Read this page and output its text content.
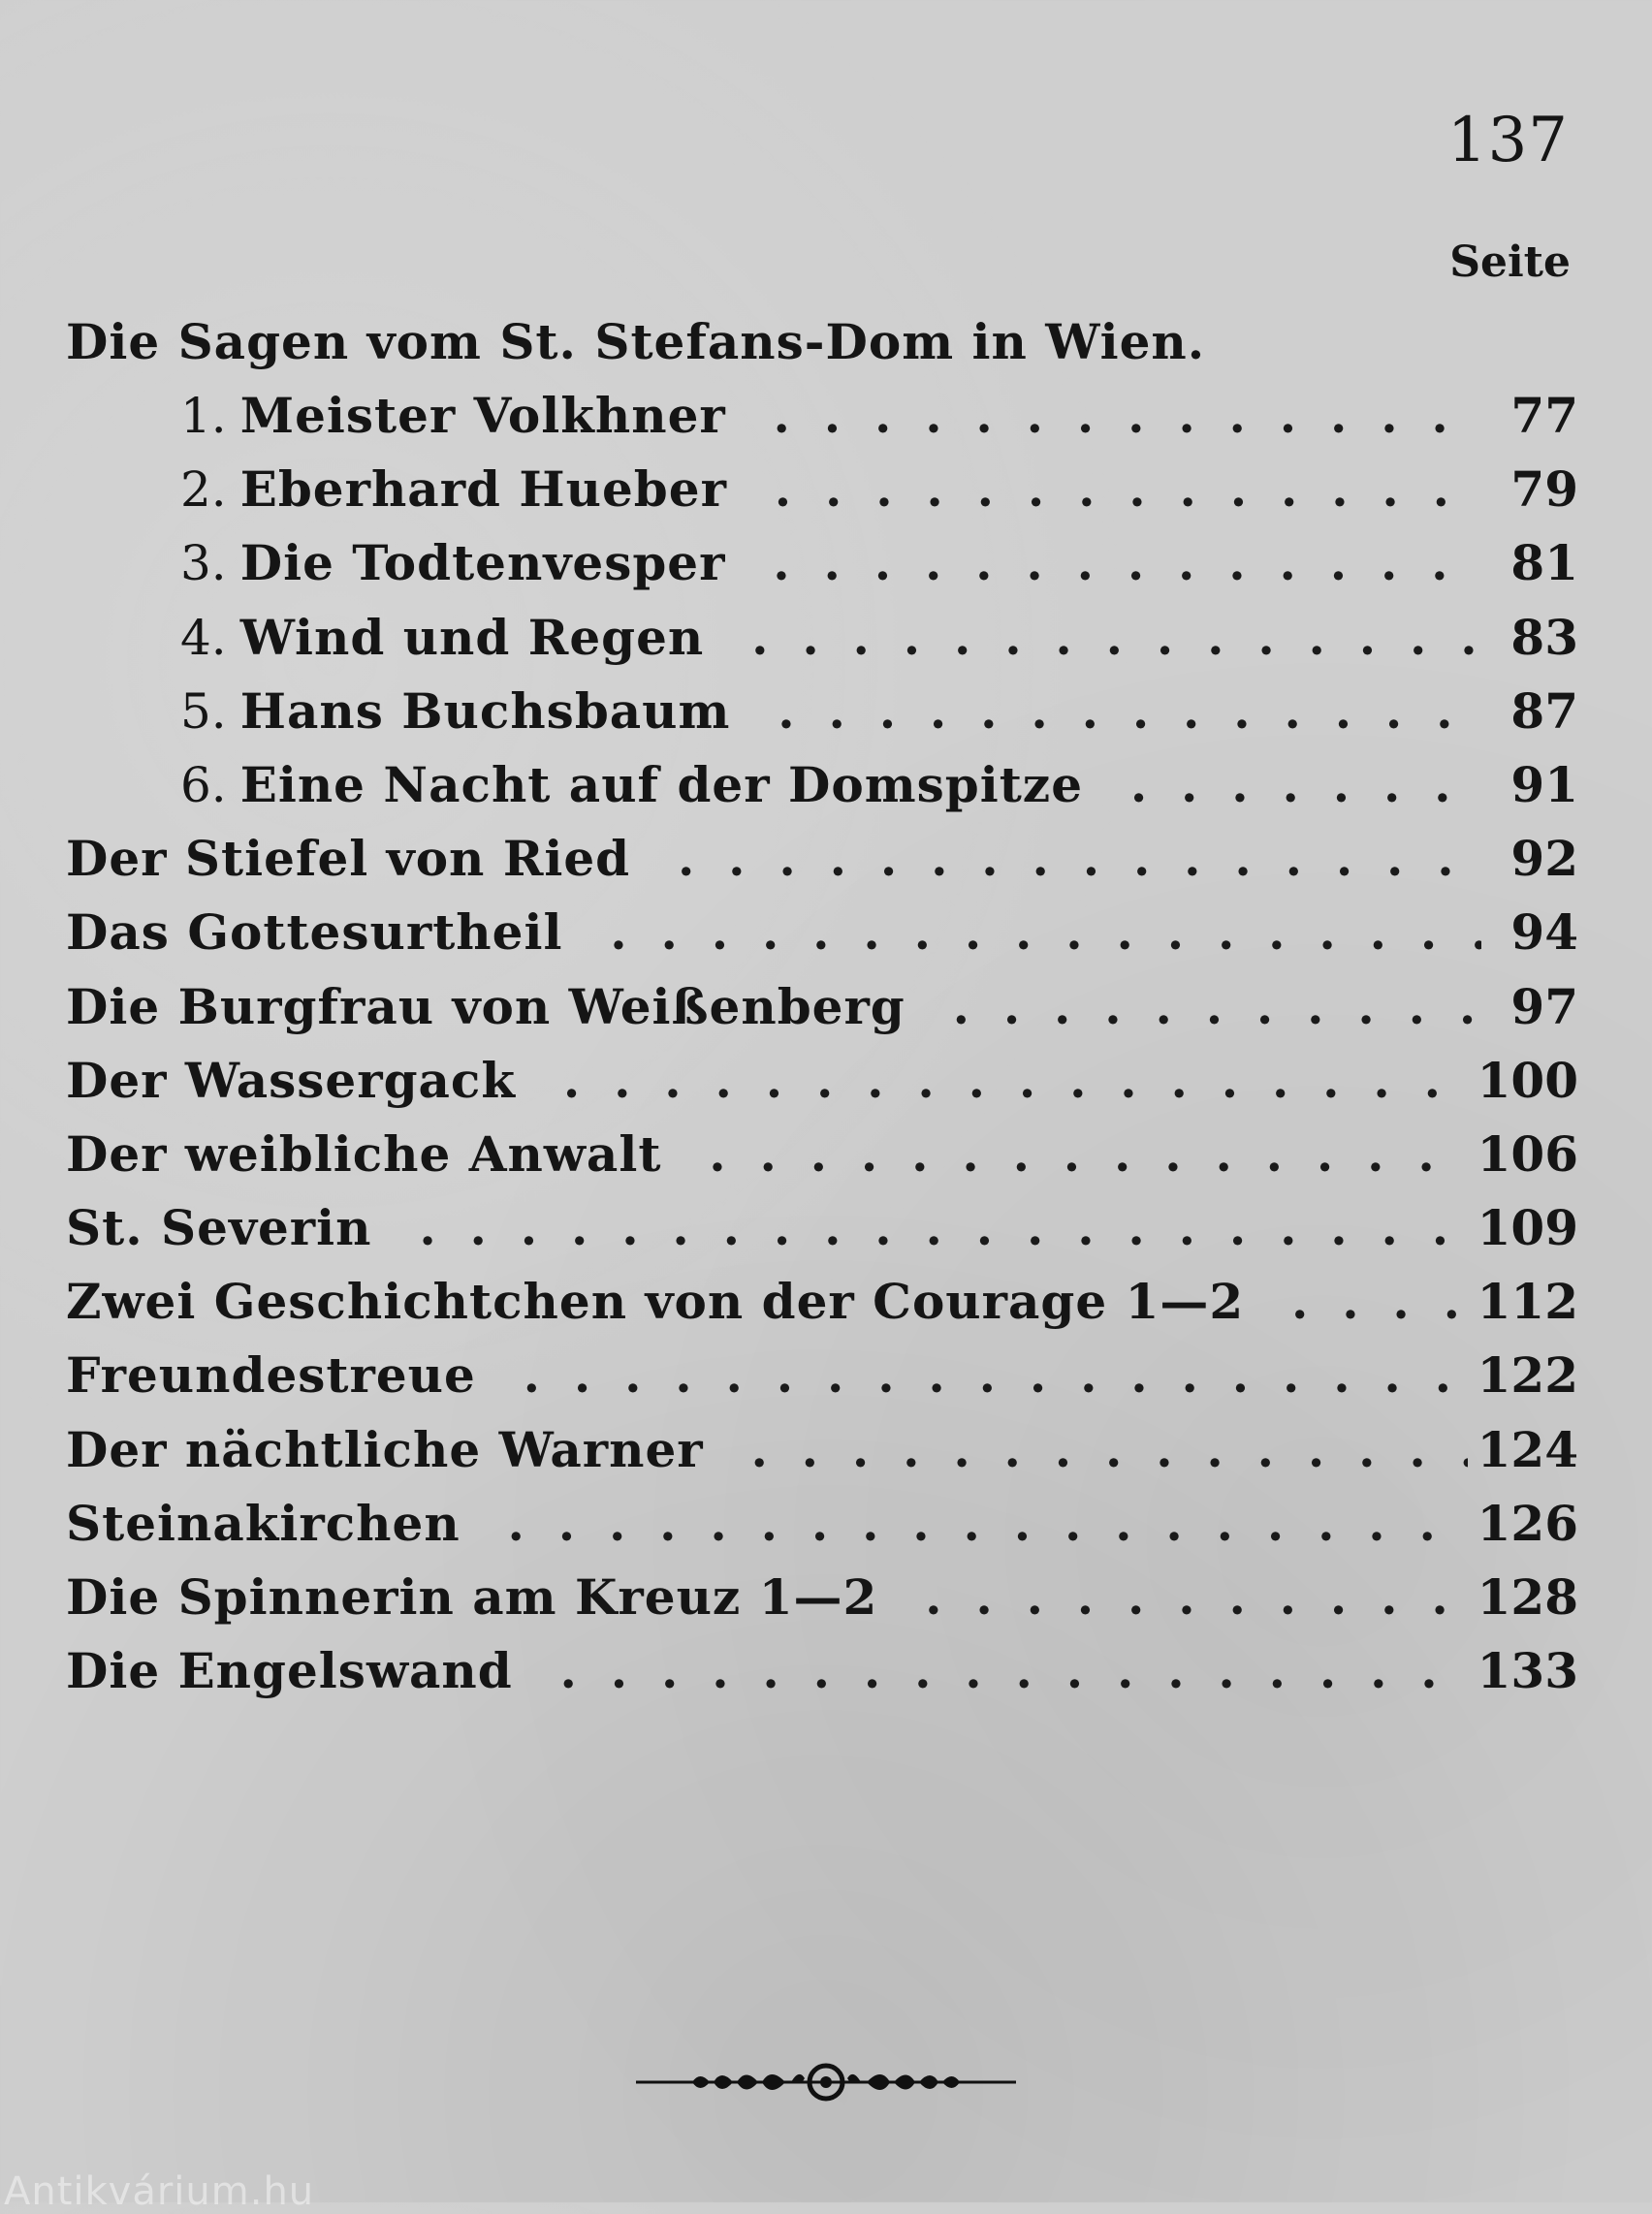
137
Seite
Die Sagen vom St. Stefans-Dom in Wien.
1. Meister Volkhner . .	77
2. Eberhard Hueber . .	79
3. Die Todtenvesper . .	81
4. Wind und Regen . .	83
5. Hans Buchsbaum . .	87
6. Eine Nacht auf der Domspitze . .	91
Der Stiefel von Ried . .	92
Das Gottesurtheil . .	94
Die Burgfrau von Weißenberg . .	97
Der Wassergack . .	100
Der weibliche Anwalt . .	106
St. Severin . .	109
Zwei Geschichtchen von der Courage 1—2 . .	112
Freundestreue . .	122
Der nächtliche Warner . .	124
Steinakirchen . .	126
Die Spinnerin am Kreuz 1—2 . .	128
Die Engelswand . .	133
Antikvárium.hu
